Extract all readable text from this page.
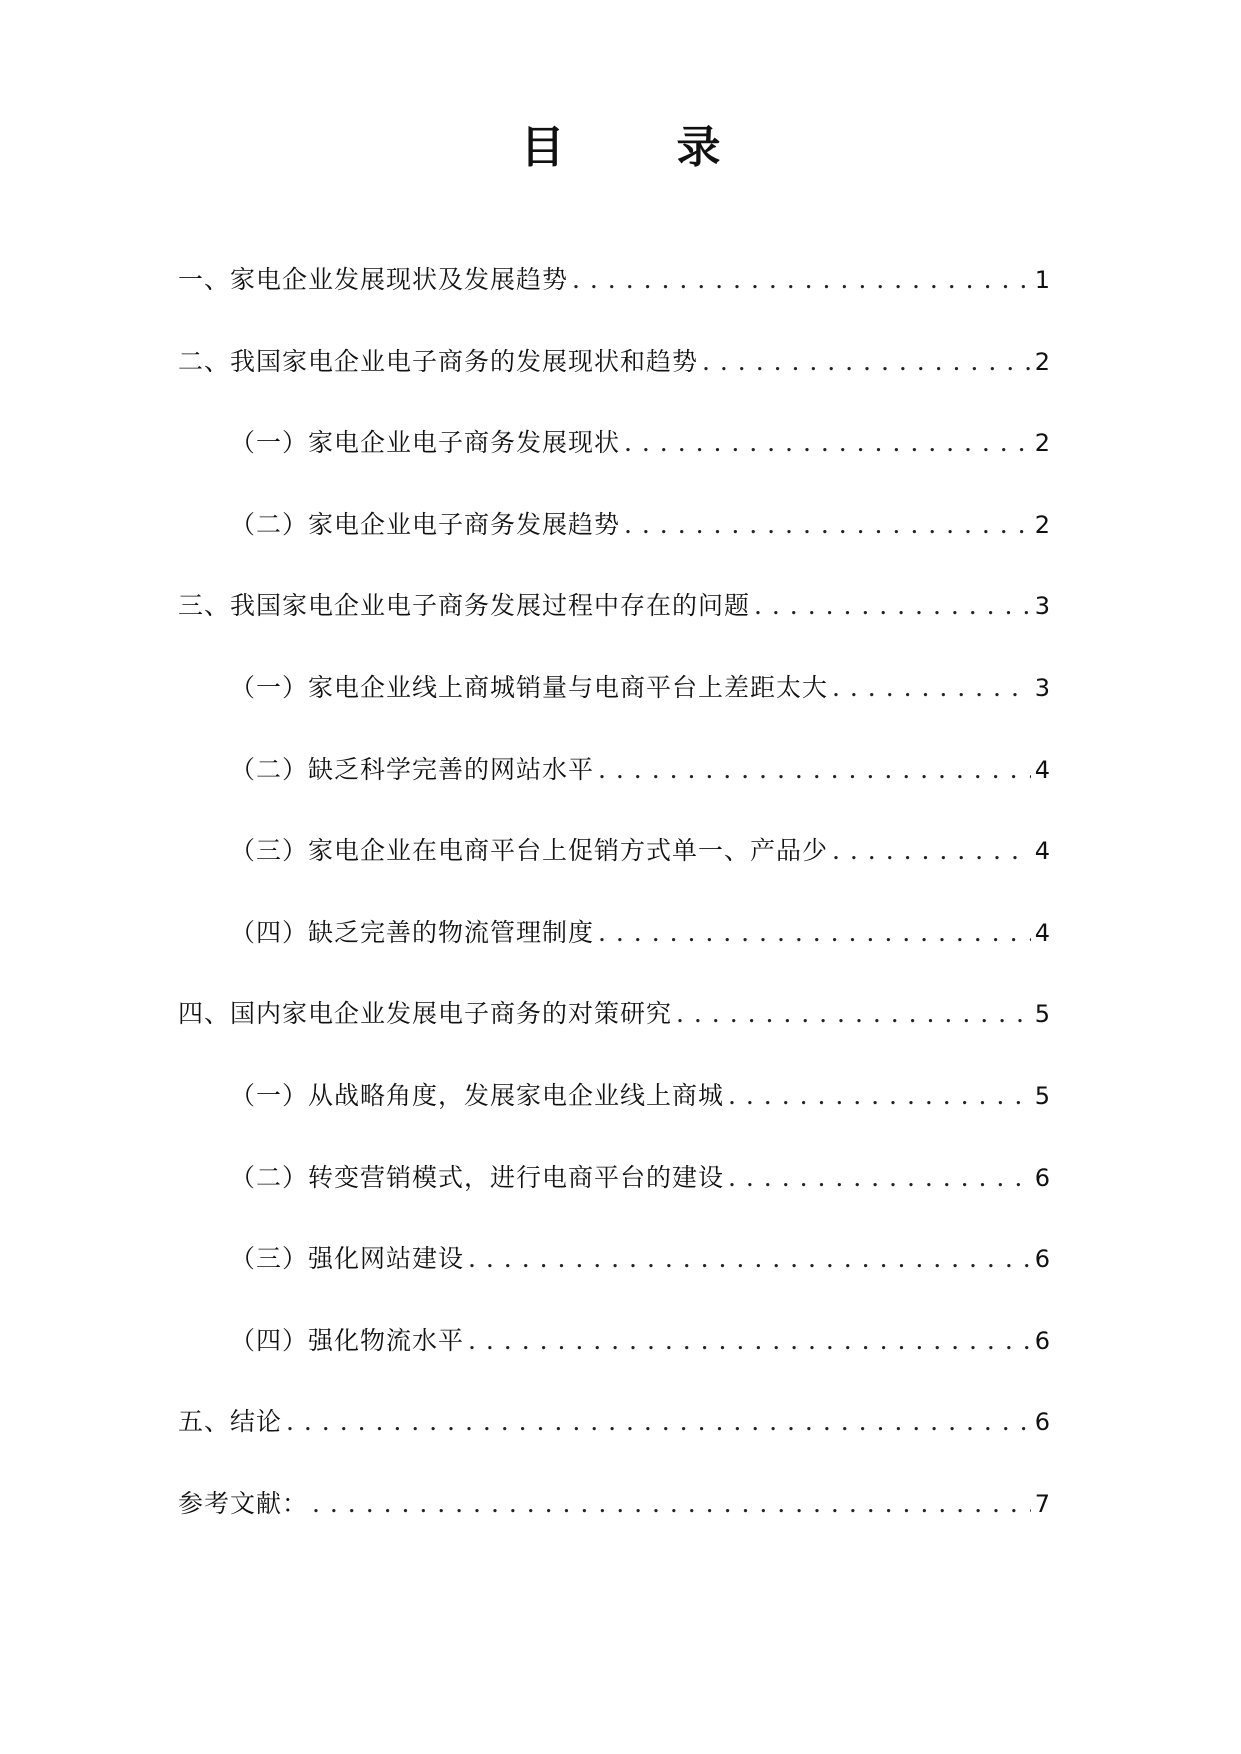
目　录
一、家电企业发展现状及发展趋势 . . .	1
二、我国家电企业电子商务的发展现状和趋势 . . .	2
（一）家电企业电子商务发展现状 . . .	2
（二）家电企业电子商务发展趋势 . . .	2
三、我国家电企业电子商务发展过程中存在的问题 . . .	3
（一）家电企业线上商城销量与电商平台上差距太大 . . .	3
（二）缺乏科学完善的网站水平 . . .	4
（三）家电企业在电商平台上促销方式单一、产品少 . . .	4
（四）缺乏完善的物流管理制度 . . .	4
四、国内家电企业发展电子商务的对策研究 . . .	5
（一）从战略角度，发展家电企业线上商城 . . .	5
（二）转变营销模式，进行电商平台的建设 . . .	6
（三）强化网站建设 . . .	6
（四）强化物流水平 . . .	6
五、结论 . . .	6
参考文献： . . .	7
